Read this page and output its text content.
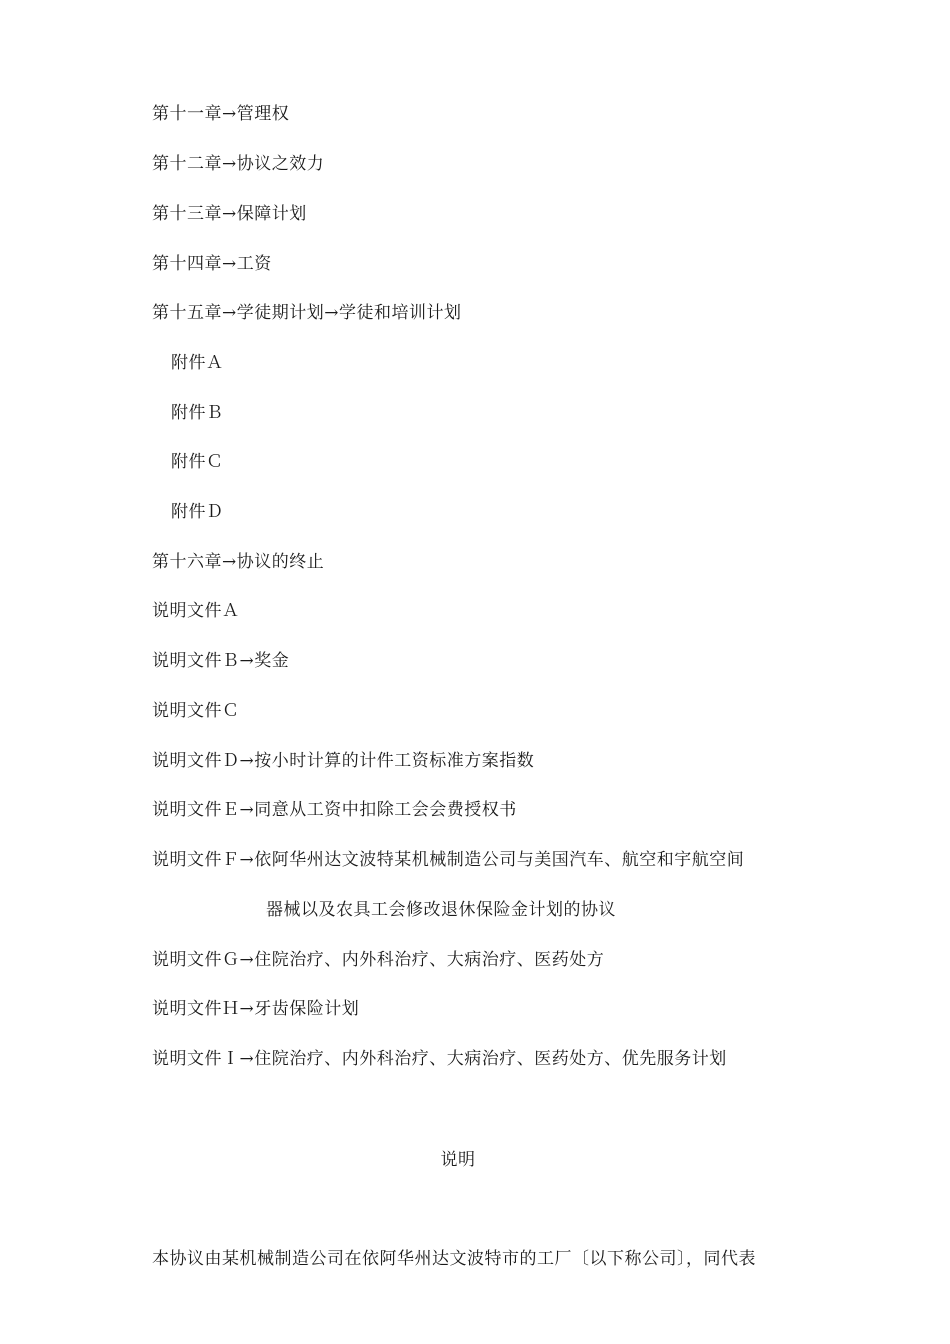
第十一章→管理权
第十二章→协议之效力
第十三章→保障计划
第十四章→工资
第十五章→学徒期计划→学徒和培训计划
附件Ａ
附件Ｂ
附件Ｃ
附件Ｄ
第十六章→协议的终止
说明文件Ａ
说明文件Ｂ→奖金
说明文件Ｃ
说明文件Ｄ→按小时计算的计件工资标准方案指数
说明文件Ｅ→同意从工资中扣除工会会费授权书
说明文件Ｆ→依阿华州达文波特某机械制造公司与美国汽车、航空和宇航空间
器械以及农具工会修改退休保险金计划的协议
说明文件Ｇ→住院治疗、内外科治疗、大病治疗、医药处方
说明文件Ｈ→牙齿保险计划
说明文件Ｉ→住院治疗、内外科治疗、大病治疗、医药处方、优先服务计划
说明
本协议由某机械制造公司在依阿华州达文波特市的工厂〔以下称公司〕，同代表
